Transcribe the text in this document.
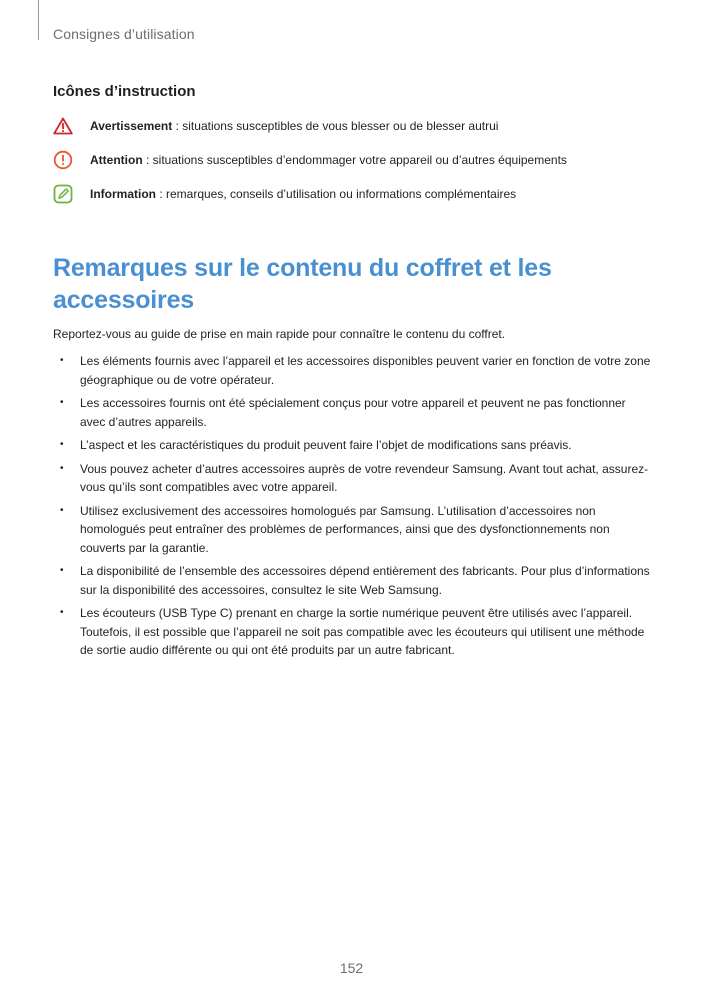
Consignes d’utilisation
Icônes d’instruction
Avertissement : situations susceptibles de vous blesser ou de blesser autrui
Attention : situations susceptibles d’endommager votre appareil ou d’autres équipements
Information : remarques, conseils d’utilisation ou informations complémentaires
Remarques sur le contenu du coffret et les
accessoires
Reportez-vous au guide de prise en main rapide pour connaître le contenu du coffret.
• Les éléments fournis avec l’appareil et les accessoires disponibles peuvent varier en fonction de votre zone géographique ou de votre opérateur.
• Les accessoires fournis ont été spécialement conçus pour votre appareil et peuvent ne pas fonctionner avec d’autres appareils.
• L’aspect et les caractéristiques du produit peuvent faire l’objet de modifications sans préavis.
• Vous pouvez acheter d’autres accessoires auprès de votre revendeur Samsung. Avant tout achat, assurez-vous qu’ils sont compatibles avec votre appareil.
• Utilisez exclusivement des accessoires homologués par Samsung. L’utilisation d’accessoires non homologués peut entraîner des problèmes de performances, ainsi que des dysfonctionnements non couverts par la garantie.
• La disponibilité de l’ensemble des accessoires dépend entièrement des fabricants. Pour plus d’informations sur la disponibilité des accessoires, consultez le site Web Samsung.
• Les écouteurs (USB Type C) prenant en charge la sortie numérique peuvent être utilisés avec l’appareil. Toutefois, il est possible que l’appareil ne soit pas compatible avec les écouteurs qui utilisent une méthode de sortie audio différente ou qui ont été produits par un autre fabricant.
152
